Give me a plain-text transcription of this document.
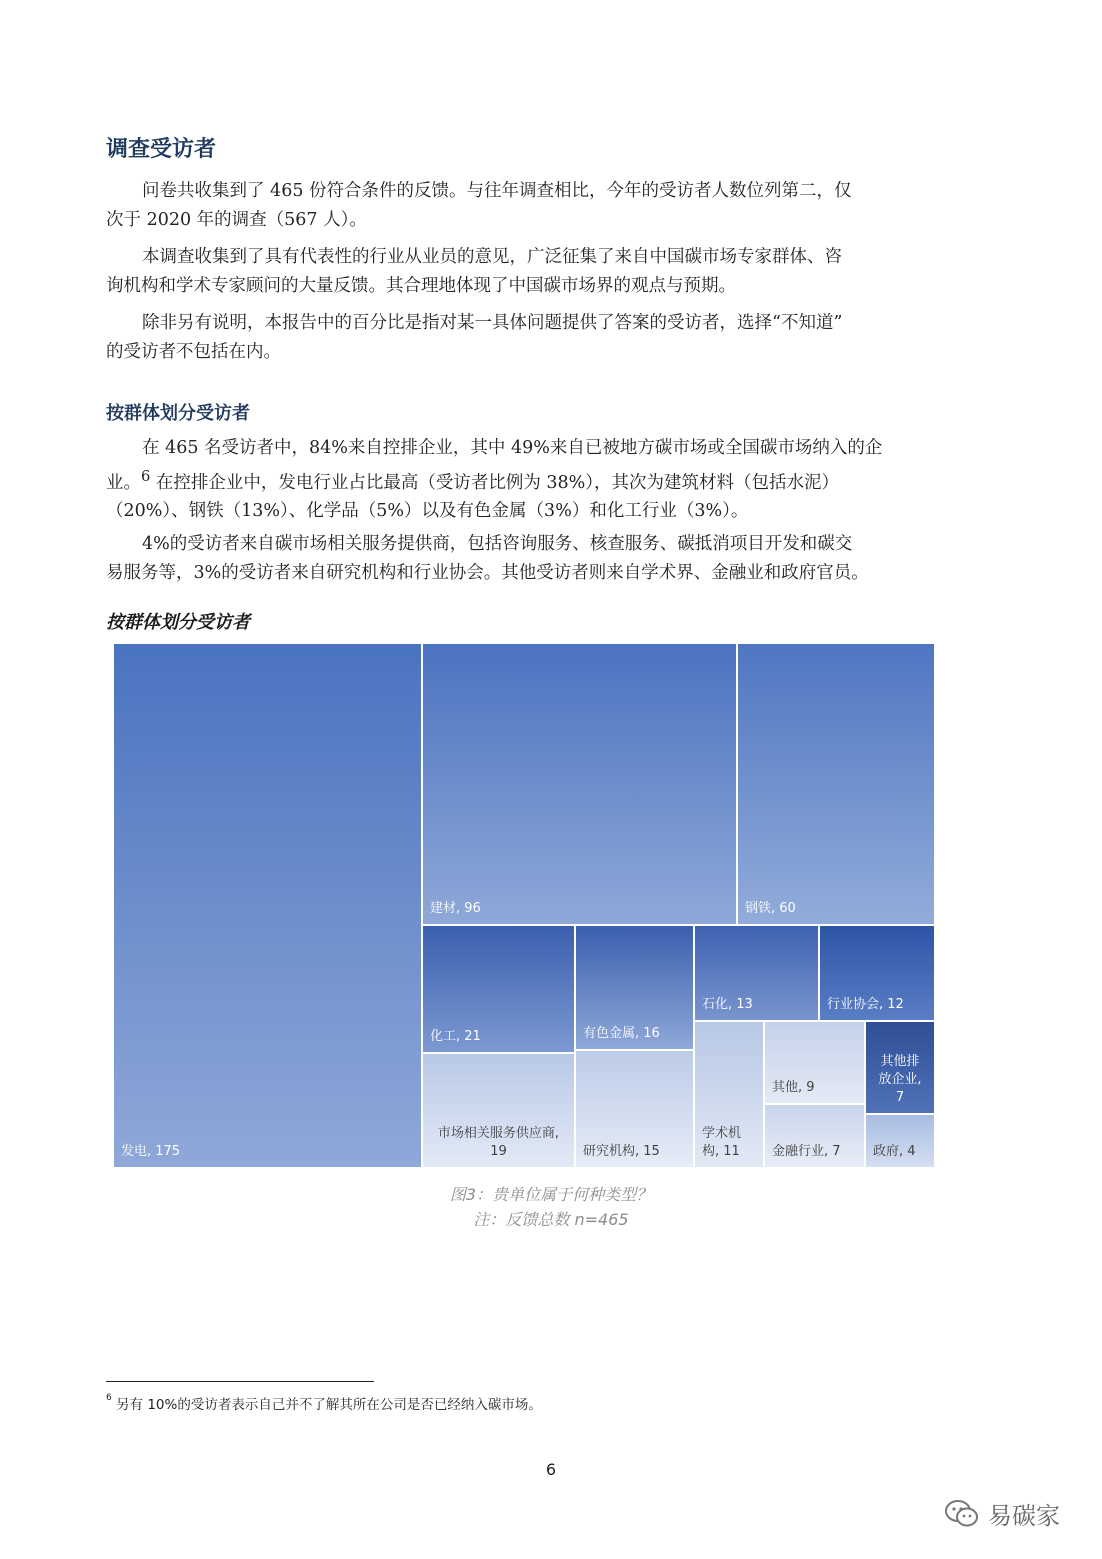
调查受访者
问卷共收集到了 465 份符合条件的反馈。与往年调查相比，今年的受访者人数位列第二，仅
次于 2020 年的调查（567 人）。
本调查收集到了具有代表性的行业从业员的意见，广泛征集了来自中国碳市场专家群体、咨
询机构和学术专家顾问的大量反馈。其合理地体现了中国碳市场界的观点与预期。
除非另有说明，本报告中的百分比是指对某一具体问题提供了答案的受访者，选择“不知道”
的受访者不包括在内。
按群体划分受访者
在 465 名受访者中，84%来自控排企业，其中 49%来自已被地方碳市场或全国碳市场纳入的企
业。$^6$ 在控排企业中，发电行业占比最高（受访者比例为 38%），其次为建筑材料（包括水泥）
（20%）、钢铁（13%）、化学品（5%）以及有色金属（3%）和化工行业（3%）。
4%的受访者来自碳市场相关服务提供商，包括咨询服务、核查服务、碳抵消项目开发和碳交
易服务等，3%的受访者来自研究机构和行业协会。其他受访者则来自学术界、金融业和政府官员。
按群体划分受访者
发电, 175
建材, 96	钢铁, 60
化工, 21
市场相关服务供应商,
19
有色金属, 16
研究机构, 15
石化, 13	行业协会, 12
学术机
构, 11
其他, 9
其他排
放企业,
7
金融行业, 7	政府, 4
图3：贵单位属于何种类型？
注：反馈总数 n=465
$^6$ 另有 10%的受访者表示自己并不了解其所在公司是否已经纳入碳市场。
6
易碳家
